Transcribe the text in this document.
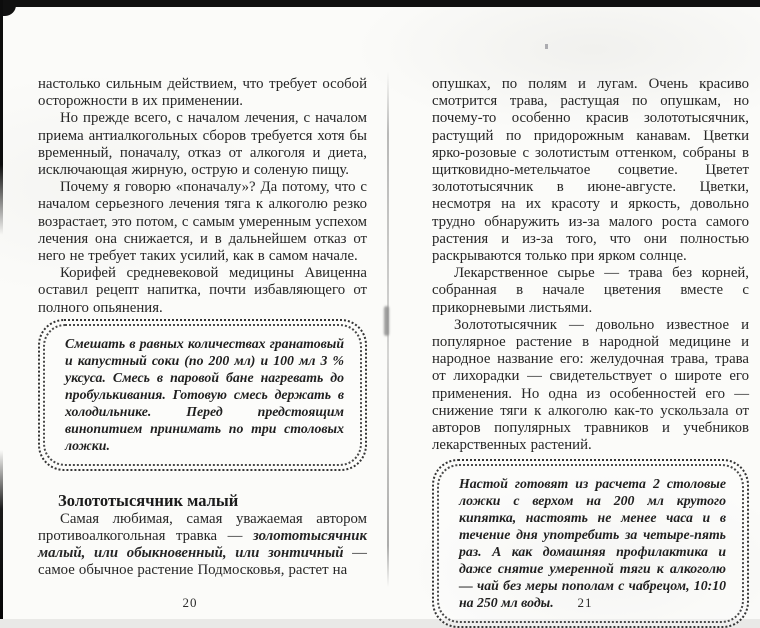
настолько сильным действием, что требует особой осторожности в их применении.

Но прежде всего, с началом лечения, с началом приема антиалкогольных сборов требуется хотя бы временный, поначалу, отказ от алкоголя и диета, исключающая жирную, острую и соленую пищу.

Почему я говорю «поначалу»? Да потому, что с началом серьезного лечения тяга к алкоголю резко возрастает, это потом, с самым умеренным успехом лечения она снижается, и в дальнейшем отказ от него не требует таких усилий, как в самом начале.

Корифей средневековой медицины Авиценна оставил рецепт напитка, почти избавляющего от полного опьянения.

Смешать в равных количествах гранатовый и капустный соки (по 200 мл) и 100 мл 3 % уксуса. Смесь в паровой бане нагревать до пробулькивания. Готовую смесь держать в холодильнике. Перед предстоящим винопитием принимать по три столовых ложки.

Золототысячник малый

Самая любимая, самая уважаемая автором противоалкогольная травка — золототысячник малый, или обыкновенный, или зонтичный — самое обычное растение Подмосковья, растет на

опушках, по полям и лугам. Очень красиво смотрится трава, растущая по опушкам, но почему-то особенно красив золототысячник, растущий по придорожным канавам. Цветки ярко-розовые с золотистым оттенком, собраны в щитковидно-метельчатое соцветие. Цветет золототысячник в июне-августе. Цветки, несмотря на их красоту и яркость, довольно трудно обнаружить из-за малого роста самого растения и из-за того, что они полностью раскрываются только при ярком солнце.

Лекарственное сырье — трава без корней, собранная в начале цветения вместе с прикорневыми листьями.

Золототысячник — довольно известное и популярное растение в народной медицине и народное название его: желудочная трава, трава от лихорадки — свидетельствует о широте его применения. Но одна из особенностей его — снижение тяги к алкоголю как-то ускользала от авторов популярных травников и учебников лекарственных растений.

Настой готовят из расчета 2 столовые ложки с верхом на 200 мл крутого кипятка, настоять не менее часа и в течение дня употребить за четыре-пять раз. А как домашняя профилактика и даже снятие умеренной тяги к алкоголю — чай без меры пополам с чабрецом, 10:10 на 250 мл воды.

20	21
